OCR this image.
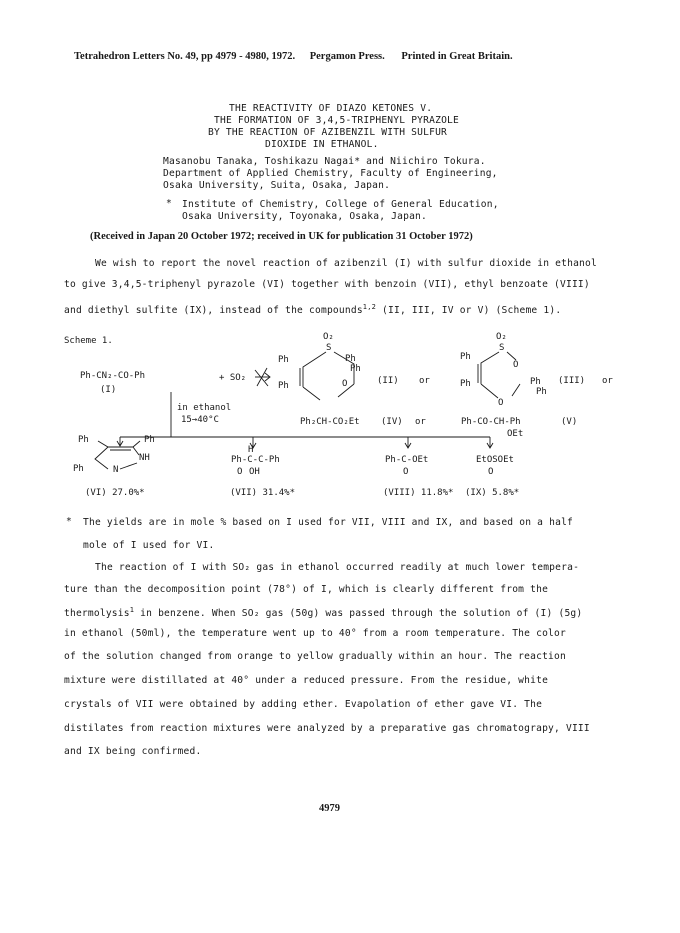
Tetrahedron Letters No. 49, pp 4979 - 4980, 1972. Pergamon Press. Printed in Great Britain.
THE REACTIVITY OF DIAZO KETONES V.
THE FORMATION OF 3,4,5-TRIPHENYL PYRAZOLE
BY THE REACTION OF AZIBENZIL WITH SULFUR
DIOXIDE IN ETHANOL.
Masanobu Tanaka, Toshikazu Nagai* and Niichiro Tokura.
Department of Applied Chemistry, Faculty of Engineering,
Osaka University, Suita, Osaka, Japan.
* Institute of Chemistry, College of General Education,
Osaka University, Toyonaka, Osaka, Japan.
(Received in Japan 20 October 1972; received in UK for publication 31 October 1972)
We wish to report the novel reaction of azibenzil (I) with sulfur dioxide in ethanol
to give 3,4,5-triphenyl pyrazole (VI) together with benzoin (VII), ethyl benzoate (VIII)
and diethyl sulfite (IX), instead of the compounds$^{1,2}$ (II, III, IV or V) (Scheme 1).
Scheme 1.
Ph-CN₂-CO-Ph
(I)
+ SO₂
O₂
S
Ph
Ph
Ph
Ph
O	(II) or
O₂
S
O
O
Ph
Ph	Ph
Ph
(III) or
in ethanol
15→40°C	Ph₂CH-CO₂Et (IV) or	Ph-CO-CH-Ph
OEt
(V)
Ph	Ph
Ph
NH
N
H
Ph-C-C-Ph
O OH
Ph-C-OEt
O
EtOSOEt
O
(VI) 27.0%*	(VII) 31.4%*	(VIII) 11.8%* (IX) 5.8%*
* The yields are in mole % based on I used for VII, VIII and IX, and based on a half
mole of I used for VI.
The reaction of I with SO₂ gas in ethanol occurred readily at much lower tempera-
ture than the decomposition point (78°) of I, which is clearly different from the
thermolysis$^1$ in benzene. When SO₂ gas (50g) was passed through the solution of (I) (5g)
in ethanol (50ml), the temperature went up to 40° from a room temperature. The color
of the solution changed from orange to yellow gradually within an hour. The reaction
mixture were distillated at 40° under a reduced pressure. From the residue, white
crystals of VII were obtained by adding ether. Evapolation of ether gave VI. The
distilates from reaction mixtures were analyzed by a preparative gas chromatograpy, VIII
and IX being confirmed.
4979
